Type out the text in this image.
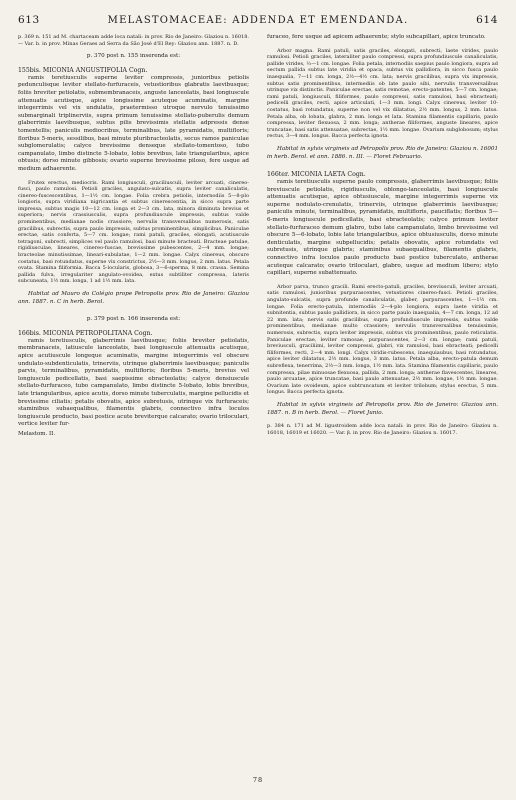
613	MELASTOMACEAE: ADDENDA ET EMENDANDA.	614

p. 369 n. 151 ad M. chartaceam adde loca natali: in prov. Rio de Janeiro: Glaziou n. 16018. — Var. b. in prov. Minas Geraes ad Serra da São José d'El Rey: Glaziou ann. 1887. n. D.

p. 370 post n. 155 inserenda est:

155bis. MICONIA ANGUSTIFOLIA Cogn.

ramis teretiusculis superne leviter compressis, junioribus petiolis pedunculisque leviter stellato-furfuraceis, vetustioribus glabratis laevibusque; foliis breviter petiolatis, submembranaceis, anguste lanceolatis, basi longiuscule attenuatis acutisque, apice longissime acuteque acuminatis, margine integerrimis vel vix undulatis, praetermisso utroque nervulo tenuissimo submarginali triplinerviis, supra primum tenuissime stellato-puberulis demum glaberrimis laevibusque, subtus pilis brevissimis stellatis adpressis dense tomentellis; paniculis mediocribus, terminalibus, late pyramidatis, multifloris; floribus 5-meris, sessilibus, basi minute pluribracteolatis, secus ramos paniculae subglomerulatis; calyce brevissime denseque stellato-tomentoso, tubo campanulato, limbo distincte 5-lobato, lobis brevibus, late triangularibus, apice obtusis; dorso minute gibbosis; ovario superne brevissime piloso, fere usque ad medium adhaerente.

Frutex erectus, mediocris. Rami longiusculi, graciliusculi, leviter arcuati, cinereo-fusci, paulo ramulosi. Petioli graciles, angulato-sulcatis, supra leviter canaliculatis, cinereo-fuscescentibus, 1—1½ cm. longae. Folia crebra petiolis, internodiis 5—8-plo longioris, supra viridiana nigricantia et subtus cinerescentia, in sicco supra parte impressa, subtus magis 10—12 cm. longa et 2—3 cm. lata, minora diminuta brevius et superiora; nervis crassiusculis, supra profundiuscule impressis, subtus valde prominentibus, medianae nodis crassiore; nervulis transversalibus numerosis, satis gracilibus, subrectis, supra paulo impressis, subtus prominentibus, simplicibus. Paniculae erectae, satis conferta, 5—7 cm. longae; rami patuli, graciles, elongati, acutiuscule tetragoni, subrecti, simplices vel paulo ramulosi, basi minute bracteati. Bracteae patulae, rigidiusculae, lineares, cinereo-fuscae, brevissime pubescentes, 2—4 mm. longae; bracteolae minutissimae, lineari-subulatae, 1—2 mm. longae. Calyx cinereus, obscure costatus, basi rotundatus, superne vix constrictus, 2½—3 mm. longus, 2 mm. latus. Petala ovata. Stamina filiformia. Bacca 5-locularis, globosa, 3—6-sperma, 8 mm. crassa. Semina pallida fulva, irregulariter angulato-ovoidea, extus subtiliter compressa, lateris subcuneata, 1½ mm. longa, 1 ad 1½ mm. lata.

Habitat ad Mauro do Colégio prope Petropolis prov. Rio de Janeiro: Glaziou ann. 1887. n. C in herb. Berol.

p. 379 post n. 166 inserenda est:

166bis. MICONIA PETROPOLITANA Cogn.

ramis teretiusculis, glaberrimis laevibusque; foliis breviter petiolatis, membranaceis, latiuscule lanceolatis, basi longiuscule attenuatis acutisque, apice acutiuscule longeque acuminatis, margine integerrimis vel obscure undulato-subdenticulatis, trinerviis, utrinque glaberrimis laevibusque; paniculis parvis, terminalibus, pyramidatis, multifloris; floribus 5-meris, brevius vel longiuscule pedicellatis, basi saepissime ebracteolatis; calyce densiuscule stellato-furfuraceo, tubo campanulato, limbo distincte 5-lobato, lobis brevibus, late triangularibus, apice acutis, dorso minute tuberculatis, margine pellucidis et brevissime ciliatis; petalis obovatis, apice subretusis, utrinque vix furfuraceis; staminibus subaequalibus, filamentis glabris, connectivo infra loculos longiuscule producto, basi postice acute breviterque calcarato; ovario triloculari, vertice leviter fur-

Melastom. II.

furaceo, fere usque ad apicem adhaerente; stylo subcapillari, apice truncato.

Arbor magna. Rami patuli, satis graciles, elongati, subrecti, laete virides, paulo ramulosi. Petioli graciles, lateraliter paulo compressi, supra profundiuscule canaliculatis, pallide virides, ⅓—1 cm. longae. Folia petala, internodiis saepius paulo longiora, supra ad sectum pallida subtus late viridia et opaca, subtus vix pallidiora, in sicco fusca paulo inaequalia, 7—11 cm. longa, 2½—4½ cm. lata; nervis gracilibus, supra vix impressis, subtus satis prominentibus, intermediis ob late paulo sibi, nervulis transversalibus utrinque vix distinctis. Paniculae erectae, satis remotae, erecto-patentes, 5—7 cm. longae; rami patuli, longiusculi, filiformes, paulo compressi, satis ramulosi, basi ebracteati; pedicelli graciles, recti, apice articulati, 1—3 mm. longi. Calyx cinereus, leviter 10-costatus, basi rotundatus, superne non vel vix dilatatus, 2½ mm. longus, 2 mm. latus. Petala alba, ob lobata, glabra, 2 mm. longa et lata. Stamina filamentis capillaris, paulo compressa, leviter flexuosa, 2 mm. longa; antherae filiformes, anguste lineares, apice truncatae, basi satis attenuatae, subrectae, 1½ mm. longae. Ovarium subglobosum; stylus rectus, 3—4 mm. longus. Bacca perfecta ignota.

Habitat in sylvis virgineis ad Petropolis prov. Rio de Janeiro: Glaziou n. 16001 in herb. Berol. et ann. 1886. n. III. — Floret Februario.

166ter. MICONIA LAETA Cogn.

ramis teretiusculis superne paulo compressis, glaberrimis laevibusque; foliis breviuscule petiolatis, rigidiusculis, oblongo-lanceolatis, basi longiuscule attenuatis acutisque, apice obtusiuscule, margine integerrimis superne vix superne nodulato-crenulatis, trinerviis, utrinque glaberrimis laevibusque; paniculis minute, terminalibus, pyramidatis, multifloris, pauciflatis; floribus 5—6-meris longiuscule pedicellatis, basi ebracteolatis; calyce primum leviter stellato-furfuraceo demum glabro, tubo late campanulato, limbo brevissime vel obscure 5—6-lobato, lobis late triangularibus, apice obtusiusculis, dorso minute denticulatis, margine subpellucidis; petalis obovatis, apice rotundatis vel subretusis, utrinque glabris; staminibus subaequalibus, filamentis glabris, connectivo infra loculos paulo producto basi postice tuberculato, antherae acuteque calcarato; ovario triloculari, glabro, usque ad medium libero; stylo capillari, superne subattenuato.

Arbor parva, trunco gracili. Rami erecto-patuli, graciles, breviusculi, leviter arcuati, satis ramulosi, junioribus purpurascentes, vetustiores cinereo-fusci. Petioli graciles, angulato-sulcatis, supra profunde canaliculatis, glaber, purpurascentes, 1—1½ cm. longae. Folia erecto-patula, internodiis 2—4-plo longiora, supra laete viridia et subnitentia, subtus paulo pallidiora, in sicco parte paulo inaequalia, 4—7 cm. longa, 12 ad 22 mm. lata; nervis satis gracilibus, supra profundiuscule impressis, subtus valde prominentibus, medianae multo crassiore; nervulis transversalibus tenuissimis, numerosis, subrectis, supra leviter impressis, subtus vix prominentibus, paulo reticulatis. Paniculae erectae, leviter ramosae, purpurascentes, 2—3 cm. longae; rami patuli, breviusculi, graciliimi, leviter compressi, glabri, vix ramulosi, basi ebracteati; pedicelli filiformes, recti, 2—4 mm. longi. Calyx viridis-rubescens, inaequiaubus, basi rotundatus, apice leviter dilatatus, 2½ mm. longus, 3 mm. latus. Petala alba, erecto-patula demum subreflexa, tenerrima, 2½—3 mm. longa, 1½ mm. lata. Stamina filamentis capillaris, paulo compressa, pilae minuosae flexuosa, pallida, 2 mm. longa; antherae flavescentes, lineares, paulo arcuatae, apice truncatae, basi paulo attenuatae, 2½ mm. longae, 1½ mm. longae. Ovarium late ovoideum, apice subtruncatum et leviter trilobum; stylus erectus, 5 mm. longus. Bacca perfecta ignota.

Habitat in sylvis virgineis ad Petropolis prov. Rio de Janeiro: Glaziou ann. 1887. n. B in herb. Berol. — Floret Junio.

p. 384 n. 171 ad M. ligustroidem adde loca natali: in prov. Rio de Janeiro: Glaziou n. 16018, 16019 et 16020. — Var. β. in prov. Rio de Janeiro: Glaziou n. 16017.

78
